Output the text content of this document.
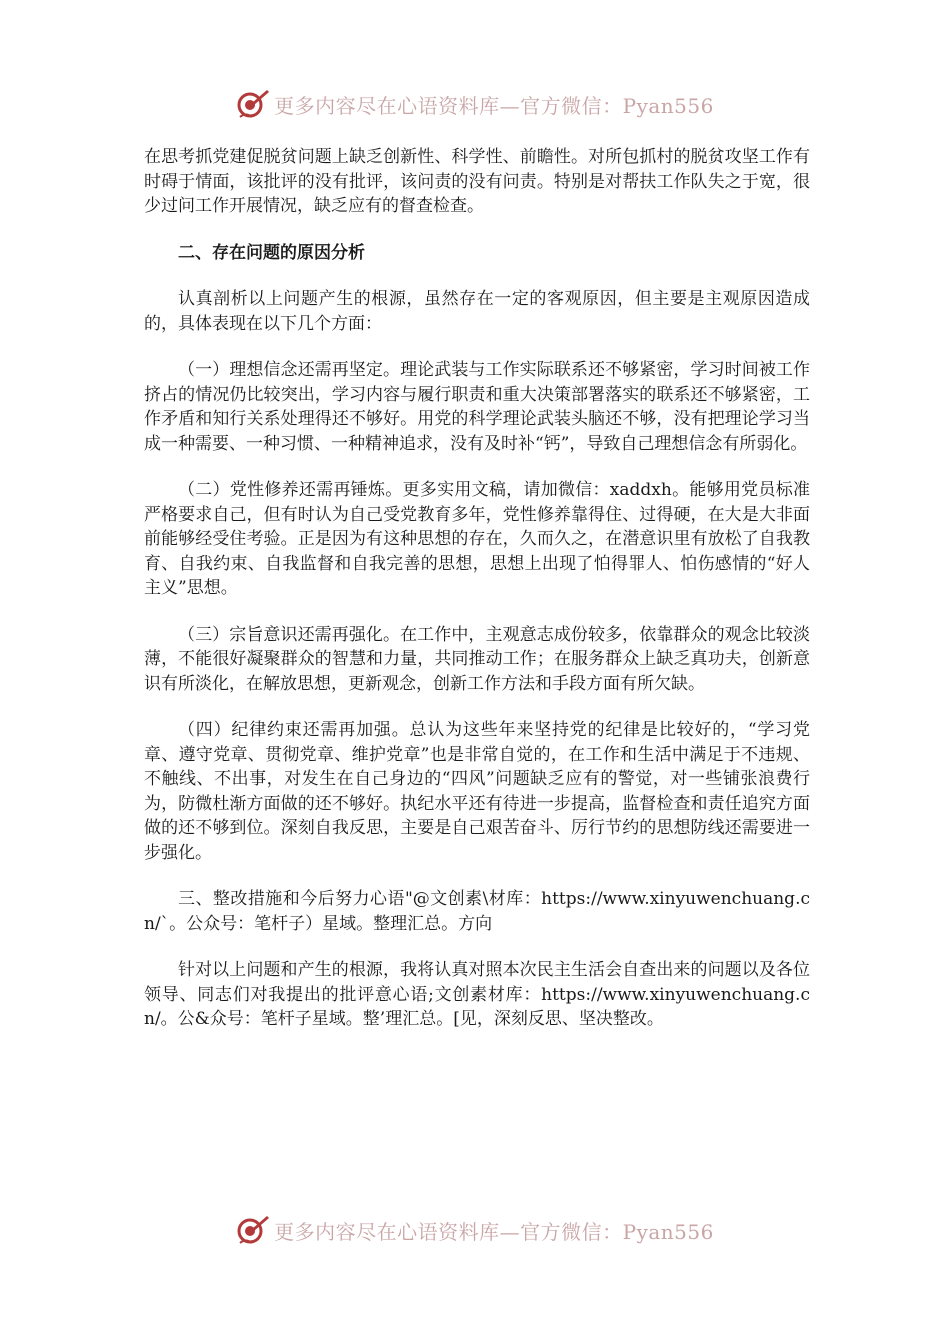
更多内容尽在心语资料库—官方微信：Pyan556

在思考抓党建促脱贫问题上缺乏创新性、科学性、前瞻性。对所包抓村的脱贫攻坚工作有时碍于情面，该批评的没有批评，该问责的没有问责。特别是对帮扶工作队失之于宽，很少过问工作开展情况，缺乏应有的督查检查。

二、存在问题的原因分析

认真剖析以上问题产生的根源，虽然存在一定的客观原因，但主要是主观原因造成的，具体表现在以下几个方面：

（一）理想信念还需再坚定。理论武装与工作实际联系还不够紧密，学习时间被工作挤占的情况仍比较突出，学习内容与履行职责和重大决策部署落实的联系还不够紧密，工作矛盾和知行关系处理得还不够好。用党的科学理论武装头脑还不够，没有把理论学习当成一种需要、一种习惯、一种精神追求，没有及时补“钙”，导致自己理想信念有所弱化。

（二）党性修养还需再锤炼。更多实用文稿，请加微信：xaddxh。能够用党员标准严格要求自己，但有时认为自己受党教育多年，党性修养靠得住、过得硬，在大是大非面前能够经受住考验。正是因为有这种思想的存在，久而久之，在潜意识里有放松了自我教育、自我约束、自我监督和自我完善的思想，思想上出现了怕得罪人、怕伤感情的“好人主义”思想。

（三）宗旨意识还需再强化。在工作中，主观意志成份较多，依靠群众的观念比较淡薄，不能很好凝聚群众的智慧和力量，共同推动工作；在服务群众上缺乏真功夫，创新意识有所淡化，在解放思想，更新观念，创新工作方法和手段方面有所欠缺。

（四）纪律约束还需再加强。总认为这些年来坚持党的纪律是比较好的，“学习党章、遵守党章、贯彻党章、维护党章”也是非常自觉的，在工作和生活中满足于不违规、不触线、不出事，对发生在自己身边的“四风”问题缺乏应有的警觉，对一些铺张浪费行为，防微杜渐方面做的还不够好。执纪水平还有待进一步提高，监督检查和责任追究方面做的还不够到位。深刻自我反思，主要是自己艰苦奋斗、厉行节约的思想防线还需要进一步强化。

三、整改措施和今后努力心语"@文创素\材库：https://www.xinyuwenchuang.cn/`。公众号：笔杆子）星域。整理汇总。方向

针对以上问题和产生的根源，我将认真对照本次民主生活会自查出来的问题以及各位领导、同志们对我提出的批评意心语;文创素材库：https://www.xinyuwenchuang.cn/。公&众号：笔杆子星域。整’理汇总。[见，深刻反思、坚决整改。

更多内容尽在心语资料库—官方微信：Pyan556
